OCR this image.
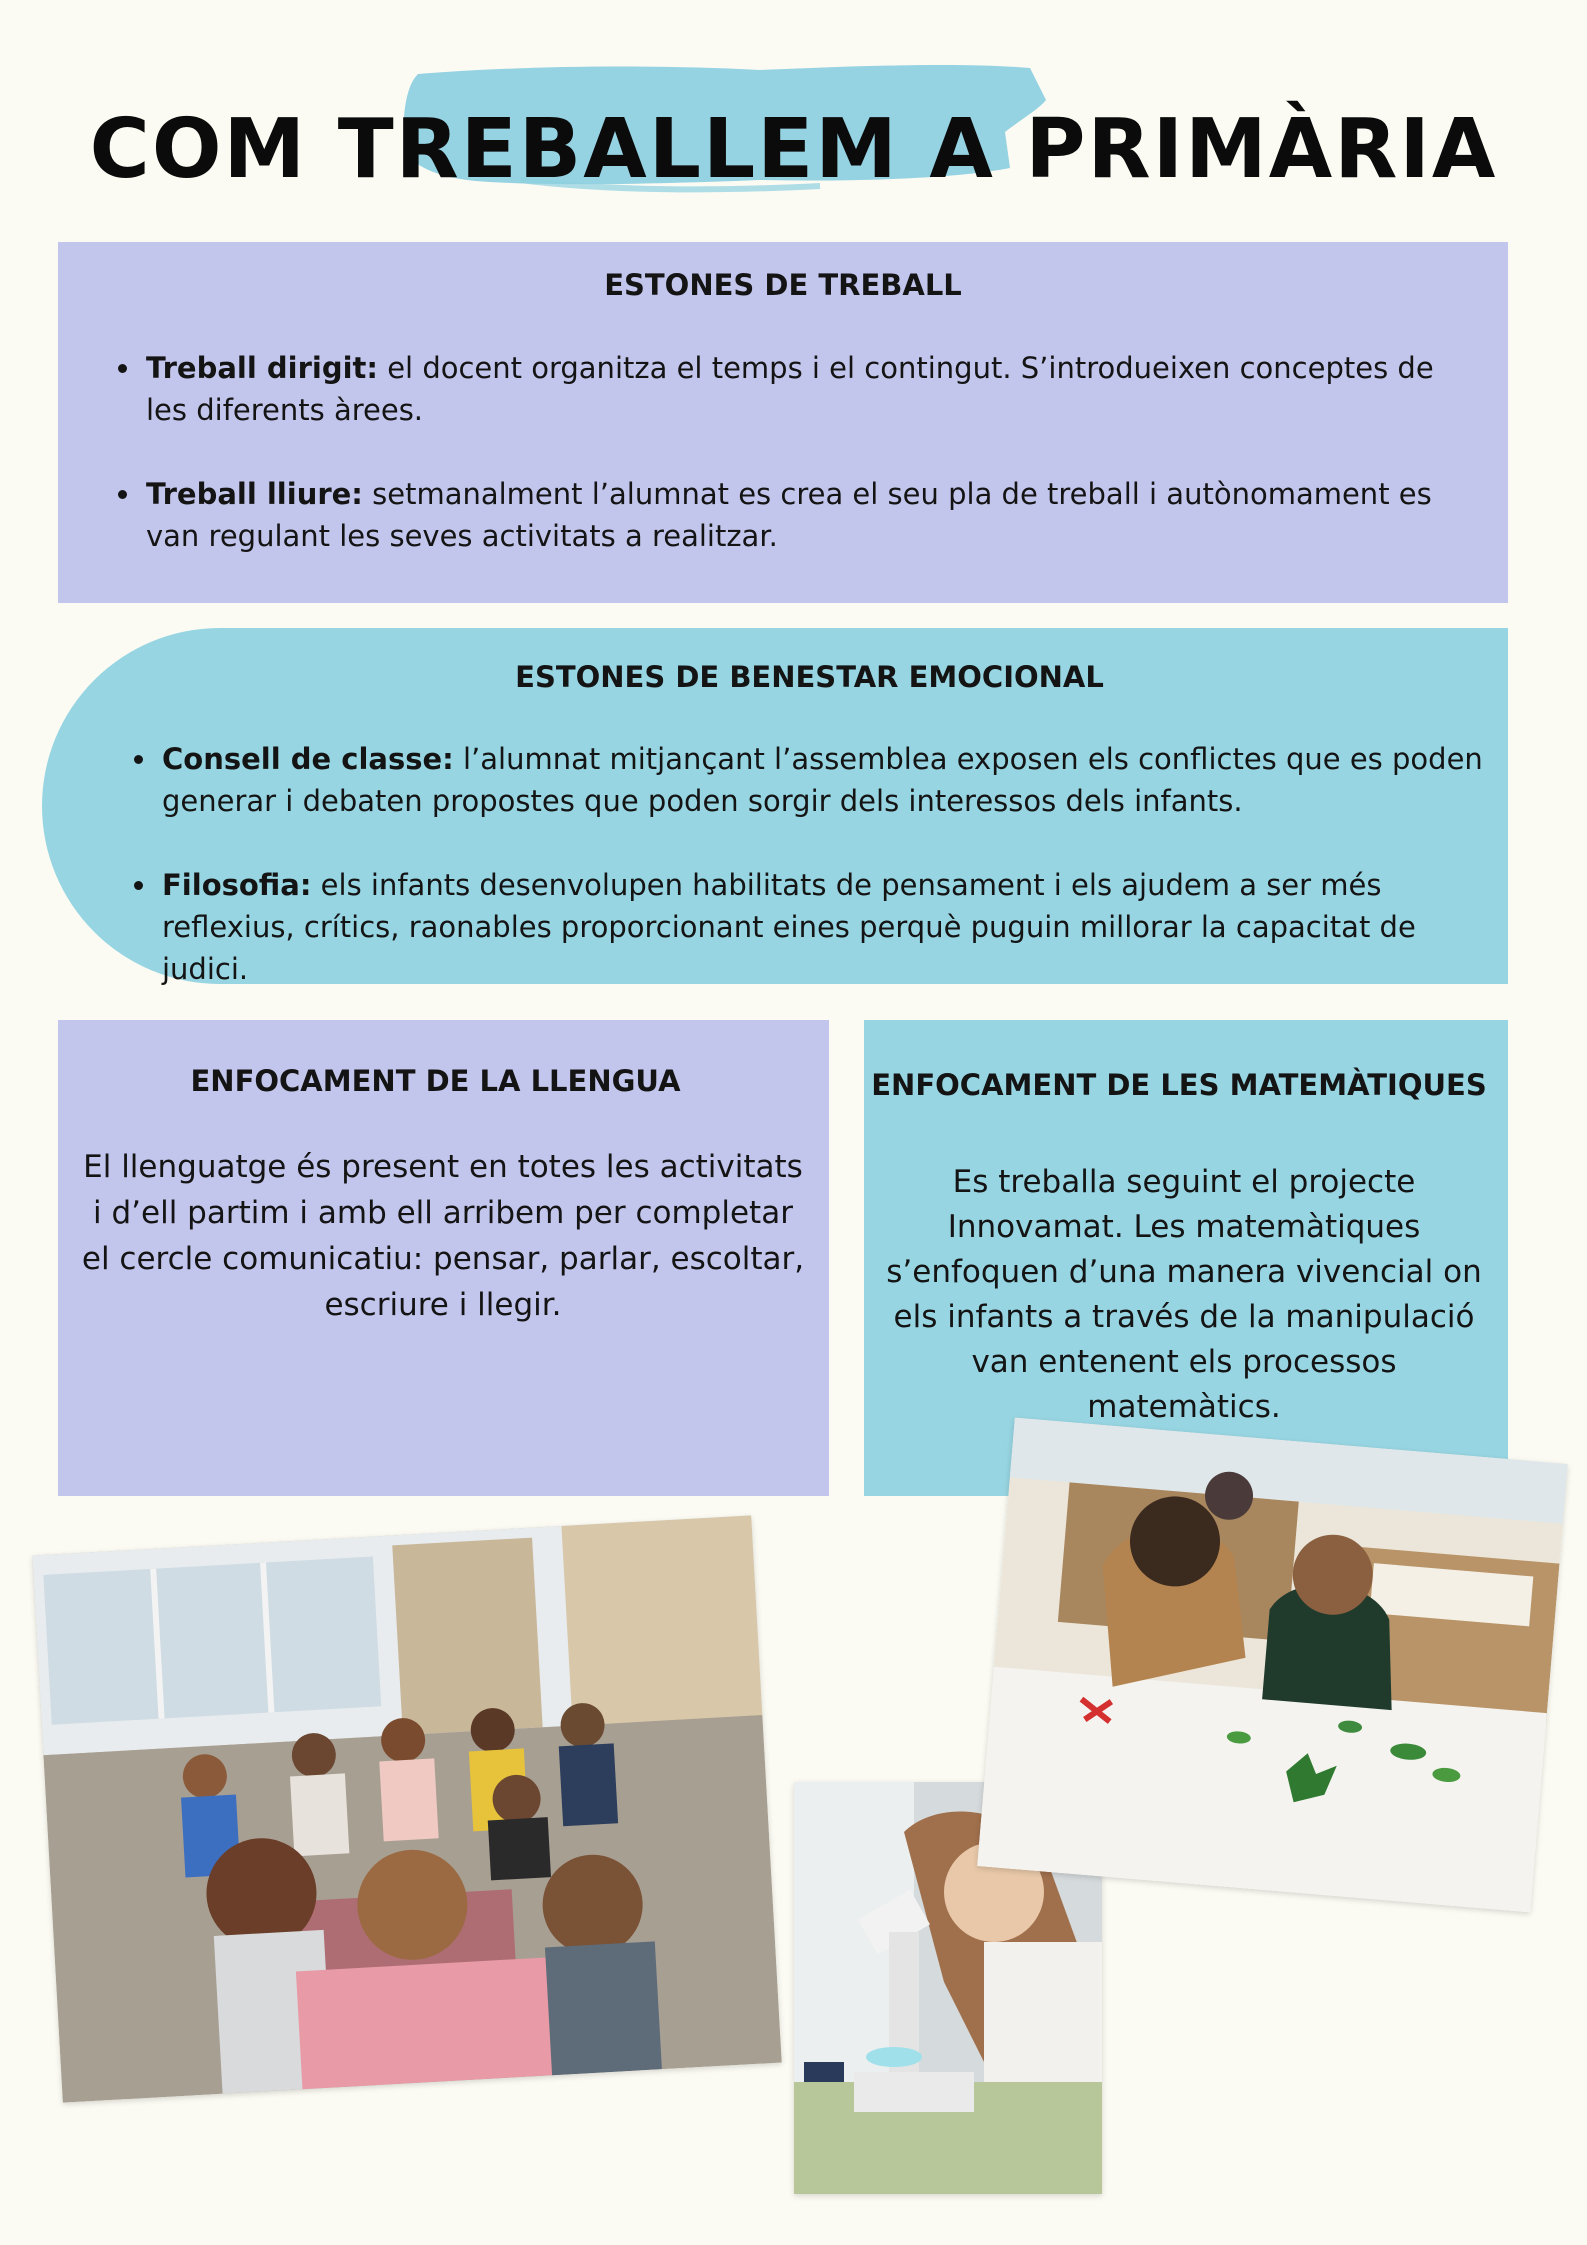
COM TREBALLEM A PRIMÀRIA
ESTONES DE TREBALL
Treball dirigit: el docent organitza el temps i el contingut. S’introdueixen conceptes de les diferents àrees.
Treball lliure: setmanalment l’alumnat es crea el seu pla de treball i autònomament es van regulant les seves activitats a realitzar.
ESTONES DE BENESTAR EMOCIONAL
Consell de classe: l’alumnat mitjançant l’assemblea exposen els conflictes que es poden generar i debaten propostes que poden sorgir dels interessos dels infants.
Filosofia: els infants desenvolupen habilitats de pensament i els ajudem a ser més reflexius, crítics, raonables proporcionant eines perquè puguin millorar la capacitat de judici.
ENFOCAMENT DE LA LLENGUA

El llenguatge és present en totes les activitats i d’ell partim i amb ell arribem per completar el cercle comunicatiu: pensar, parlar, escoltar, escriure i llegir.

ENFOCAMENT DE LES MATEMÀTIQUES

Es treballa seguint el projecte Innovamat. Les matemàtiques s’enfoquen d’una manera vivencial on els infants a través de la manipulació van entenent els processos matemàtics.
